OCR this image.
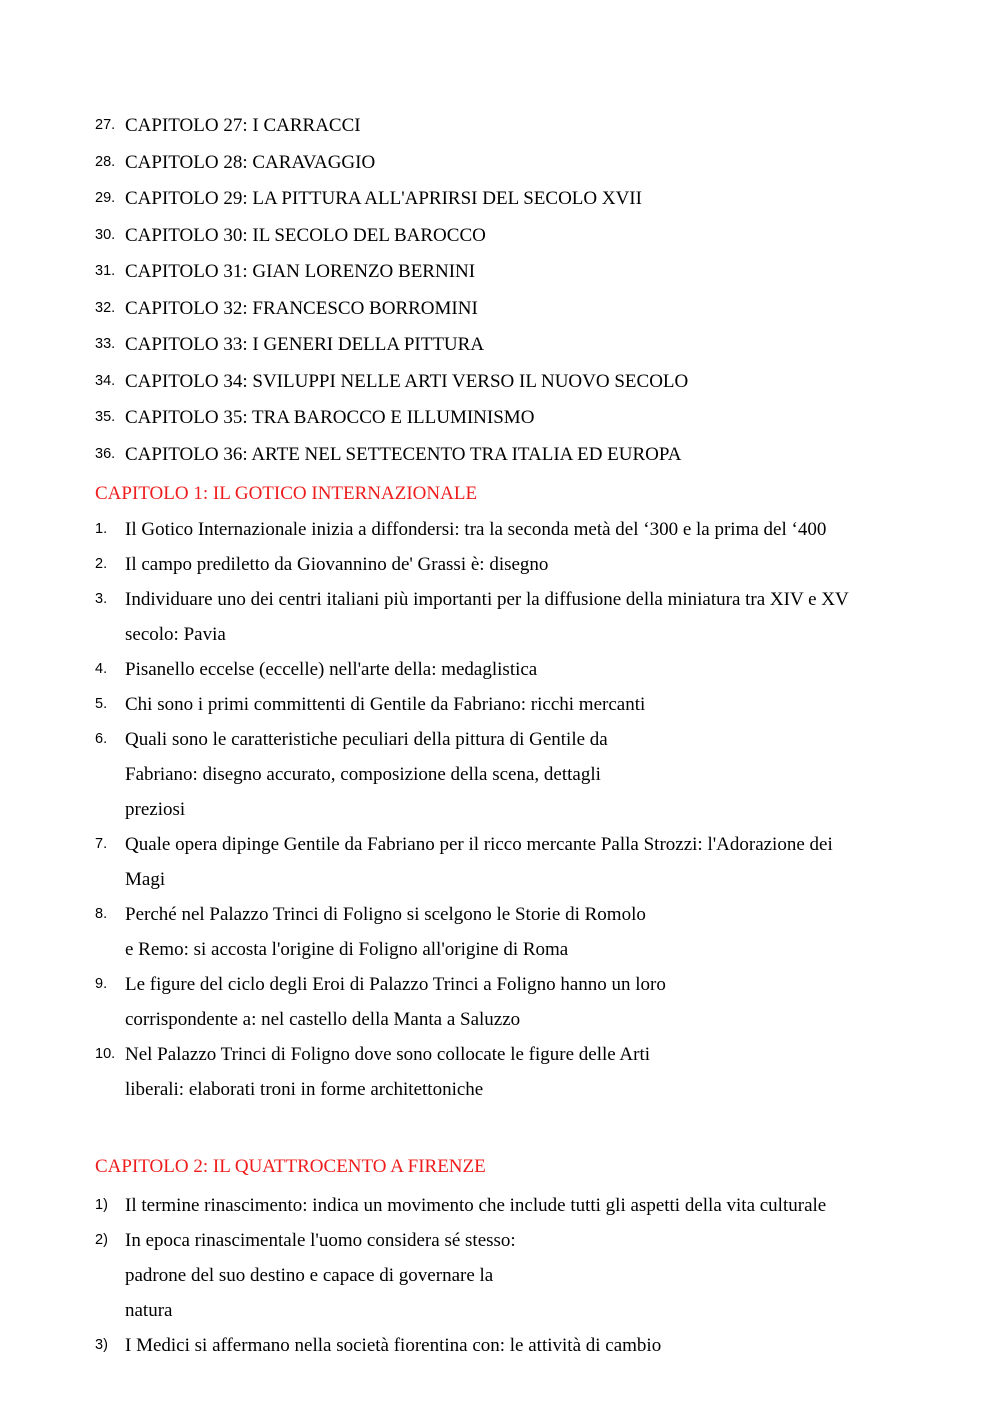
27. CAPITOLO 27: I CARRACCI
28. CAPITOLO 28: CARAVAGGIO
29. CAPITOLO 29: LA PITTURA ALL'APRIRSI DEL SECOLO XVII
30. CAPITOLO 30: IL SECOLO DEL BAROCCO
31. CAPITOLO 31: GIAN LORENZO BERNINI
32. CAPITOLO 32: FRANCESCO BORROMINI
33. CAPITOLO 33: I GENERI DELLA PITTURA
34. CAPITOLO 34: SVILUPPI NELLE ARTI VERSO IL NUOVO SECOLO
35. CAPITOLO 35: TRA BAROCCO E ILLUMINISMO
36. CAPITOLO 36: ARTE NEL SETTECENTO TRA ITALIA ED EUROPA
CAPITOLO 1: IL GOTICO INTERNAZIONALE
1. Il Gotico Internazionale inizia a diffondersi: tra la seconda metà del ‘300 e la prima del ‘400
2. Il campo prediletto da Giovannino de' Grassi è: disegno
3. Individuare uno dei centri italiani più importanti per la diffusione della miniatura tra XIV e XV
secolo: Pavia
4. Pisanello eccelse (eccelle) nell'arte della: medaglistica
5. Chi sono i primi committenti di Gentile da Fabriano: ricchi mercanti
6. Quali sono le caratteristiche peculiari della pittura di Gentile da
Fabriano: disegno accurato, composizione della scena, dettagli
preziosi
7. Quale opera dipinge Gentile da Fabriano per il ricco mercante Palla Strozzi: l'Adorazione dei
Magi
8. Perché nel Palazzo Trinci di Foligno si scelgono le Storie di Romolo
e Remo: si accosta l'origine di Foligno all'origine di Roma
9. Le figure del ciclo degli Eroi di Palazzo Trinci a Foligno hanno un loro
corrispondente a: nel castello della Manta a Saluzzo
10. Nel Palazzo Trinci di Foligno dove sono collocate le figure delle Arti
liberali: elaborati troni in forme architettoniche
CAPITOLO 2: IL QUATTROCENTO A FIRENZE
1) Il termine rinascimento: indica un movimento che include tutti gli aspetti della vita culturale
2) In epoca rinascimentale l'uomo considera sé stesso:
padrone del suo destino e capace di governare la
natura
3) I Medici si affermano nella società fiorentina con: le attività di cambio
